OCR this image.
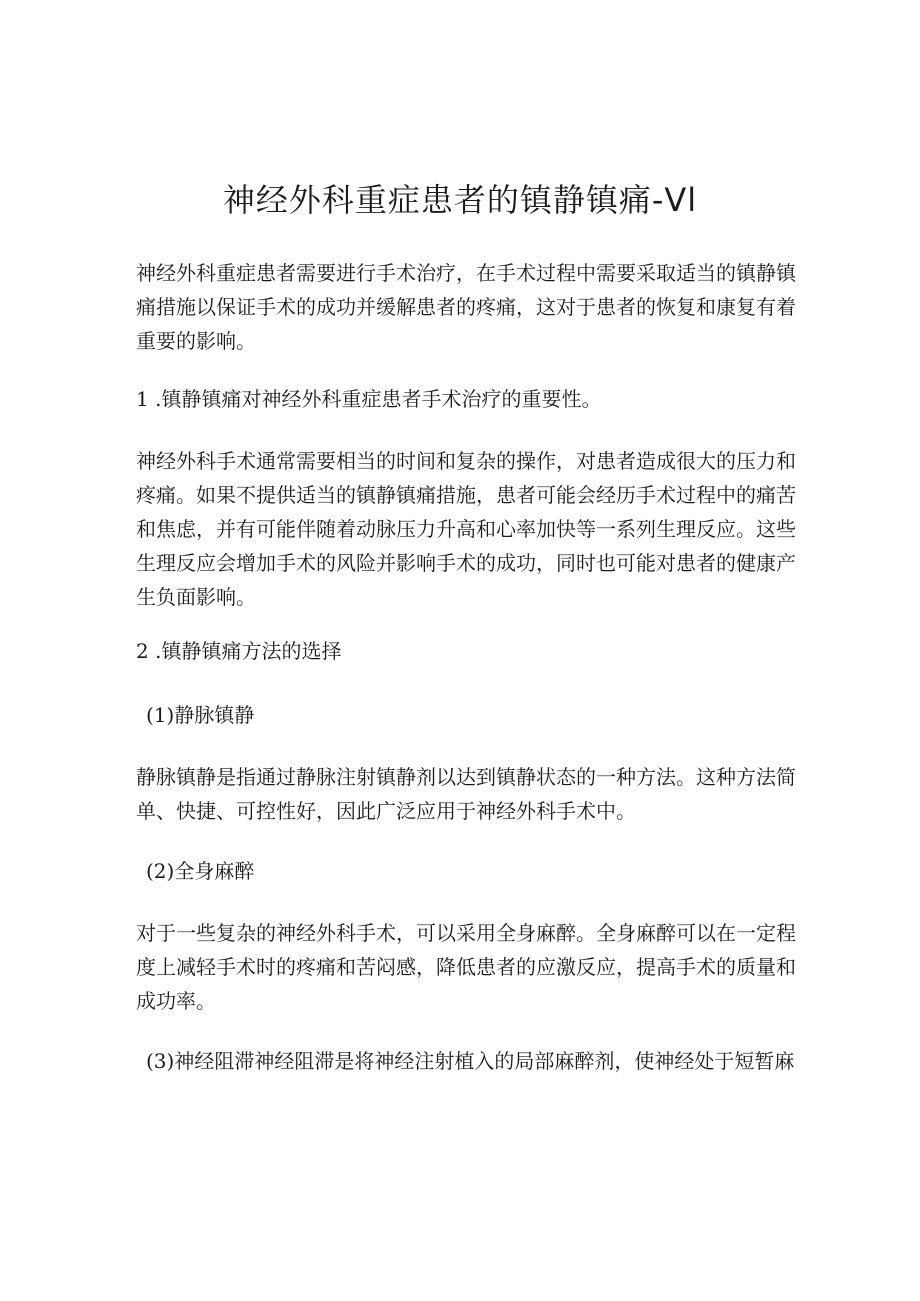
神经外科重症患者的镇静镇痛-Vl

神经外科重症患者需要进行手术治疗，在手术过程中需要采取适当的镇静镇痛措施以保证手术的成功并缓解患者的疼痛，这对于患者的恢复和康复有着重要的影响。

1 .镇静镇痛对神经外科重症患者手术治疗的重要性。

神经外科手术通常需要相当的时间和复杂的操作，对患者造成很大的压力和疼痛。如果不提供适当的镇静镇痛措施，患者可能会经历手术过程中的痛苦和焦虑，并有可能伴随着动脉压力升高和心率加快等一系列生理反应。这些生理反应会增加手术的风险并影响手术的成功，同时也可能对患者的健康产生负面影响。

2 .镇静镇痛方法的选择

(1)静脉镇静

静脉镇静是指通过静脉注射镇静剂以达到镇静状态的一种方法。这种方法简单、快捷、可控性好，因此广泛应用于神经外科手术中。

(2)全身麻醉

对于一些复杂的神经外科手术，可以采用全身麻醉。全身麻醉可以在一定程度上减轻手术时的疼痛和苦闷感，降低患者的应激反应，提高手术的质量和成功率。

(3)神经阻滞神经阻滞是将神经注射植入的局部麻醉剂，使神经处于短暂麻
